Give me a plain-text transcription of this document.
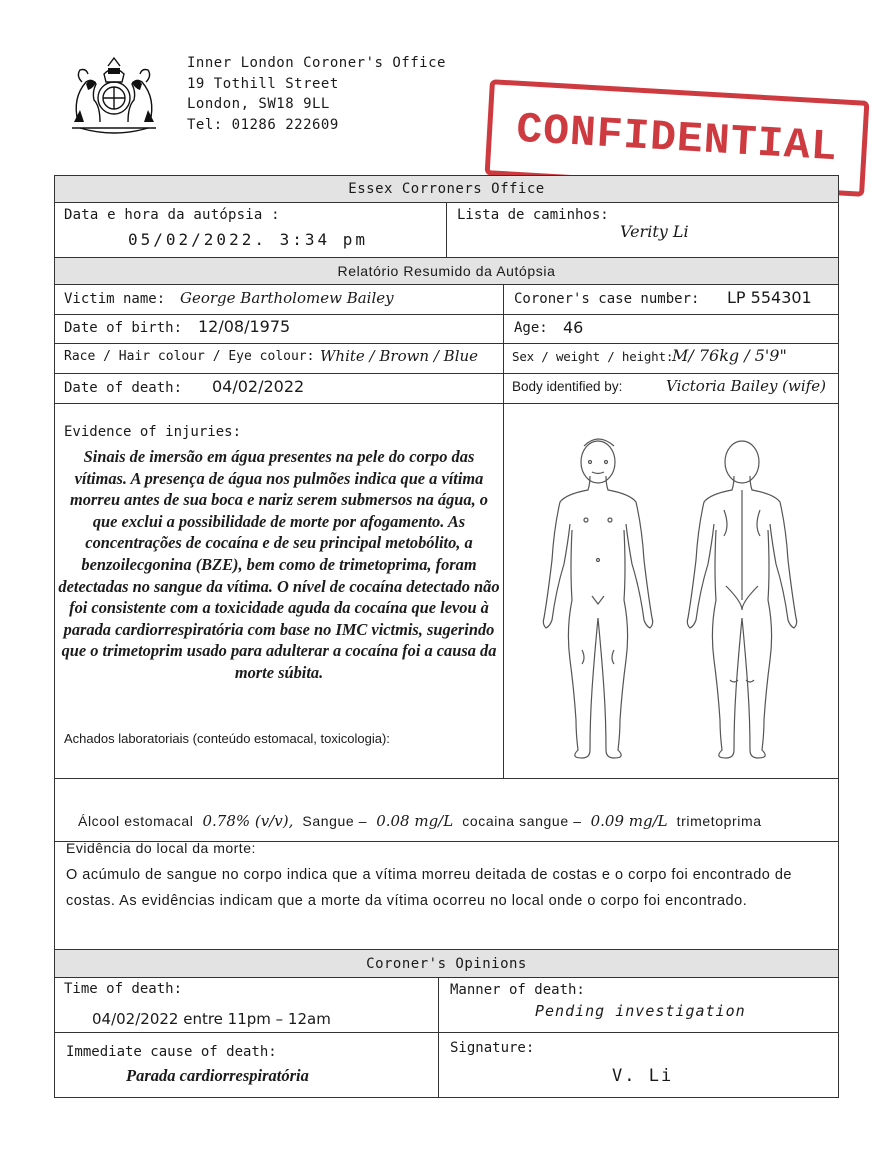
Inner London Coroner's Office
19 Tothill Street
London, SW18 9LL
Tel: 01286 222609	CONFIDENTIAL
Essex Corroners Office
Data e hora da autópsia :
05/02/2022. 3:34 pm
Lista de caminhos:
Verity Li
Relatório Resumido da Autópsia
Victim name: George Bartholomew Bailey	Coroner's case number: LP 554301
Date of birth: 12/08/1975	Age: 46
Race / Hair colour / Eye colour: White / Brown / Blue	Sex / weight / height:
M/ 76kg / 5'9"
Date of death: 04/02/2022	Body identified by:	Victoria Bailey (wife)
Evidence of injuries:
Sinais de imersão em água presentes na pele do corpo das vítimas. A presença de água nos pulmões indica que a vítima morreu antes de sua boca e nariz serem submersos na água, o que exclui a possibilidade de morte por afogamento. As concentrações de cocaína e de seu principal metobólito, a benzoilecgonina (BZE), bem como de trimetoprima, foram detectadas no sangue da vítima. O nível de cocaína detectado não foi consistente com a toxicidade aguda da cocaína que levou à parada cardiorrespiratória com base no IMC victmis, sugerindo que o trimetoprim usado para adulterar a cocaína foi a causa da morte súbita.
Achados laboratoriais (conteúdo estomacal, toxicologia):
Álcool estomacal 0.78% (v/v), Sangue – 0.08 mg/L cocaina sangue – 0.09 mg/L trimetoprima
Evidência do local da morte:
O acúmulo de sangue no corpo indica que a vítima morreu deitada de costas e o corpo foi encontrado de costas. As evidências indicam que a morte da vítima ocorreu no local onde o corpo foi encontrado.
Coroner's Opinions
Time of death:
04/02/2022 entre 11pm – 12am
Manner of death:
Pending investigation
Immediate cause of death:
Parada cardiorrespiratória
Signature:
V. Li
